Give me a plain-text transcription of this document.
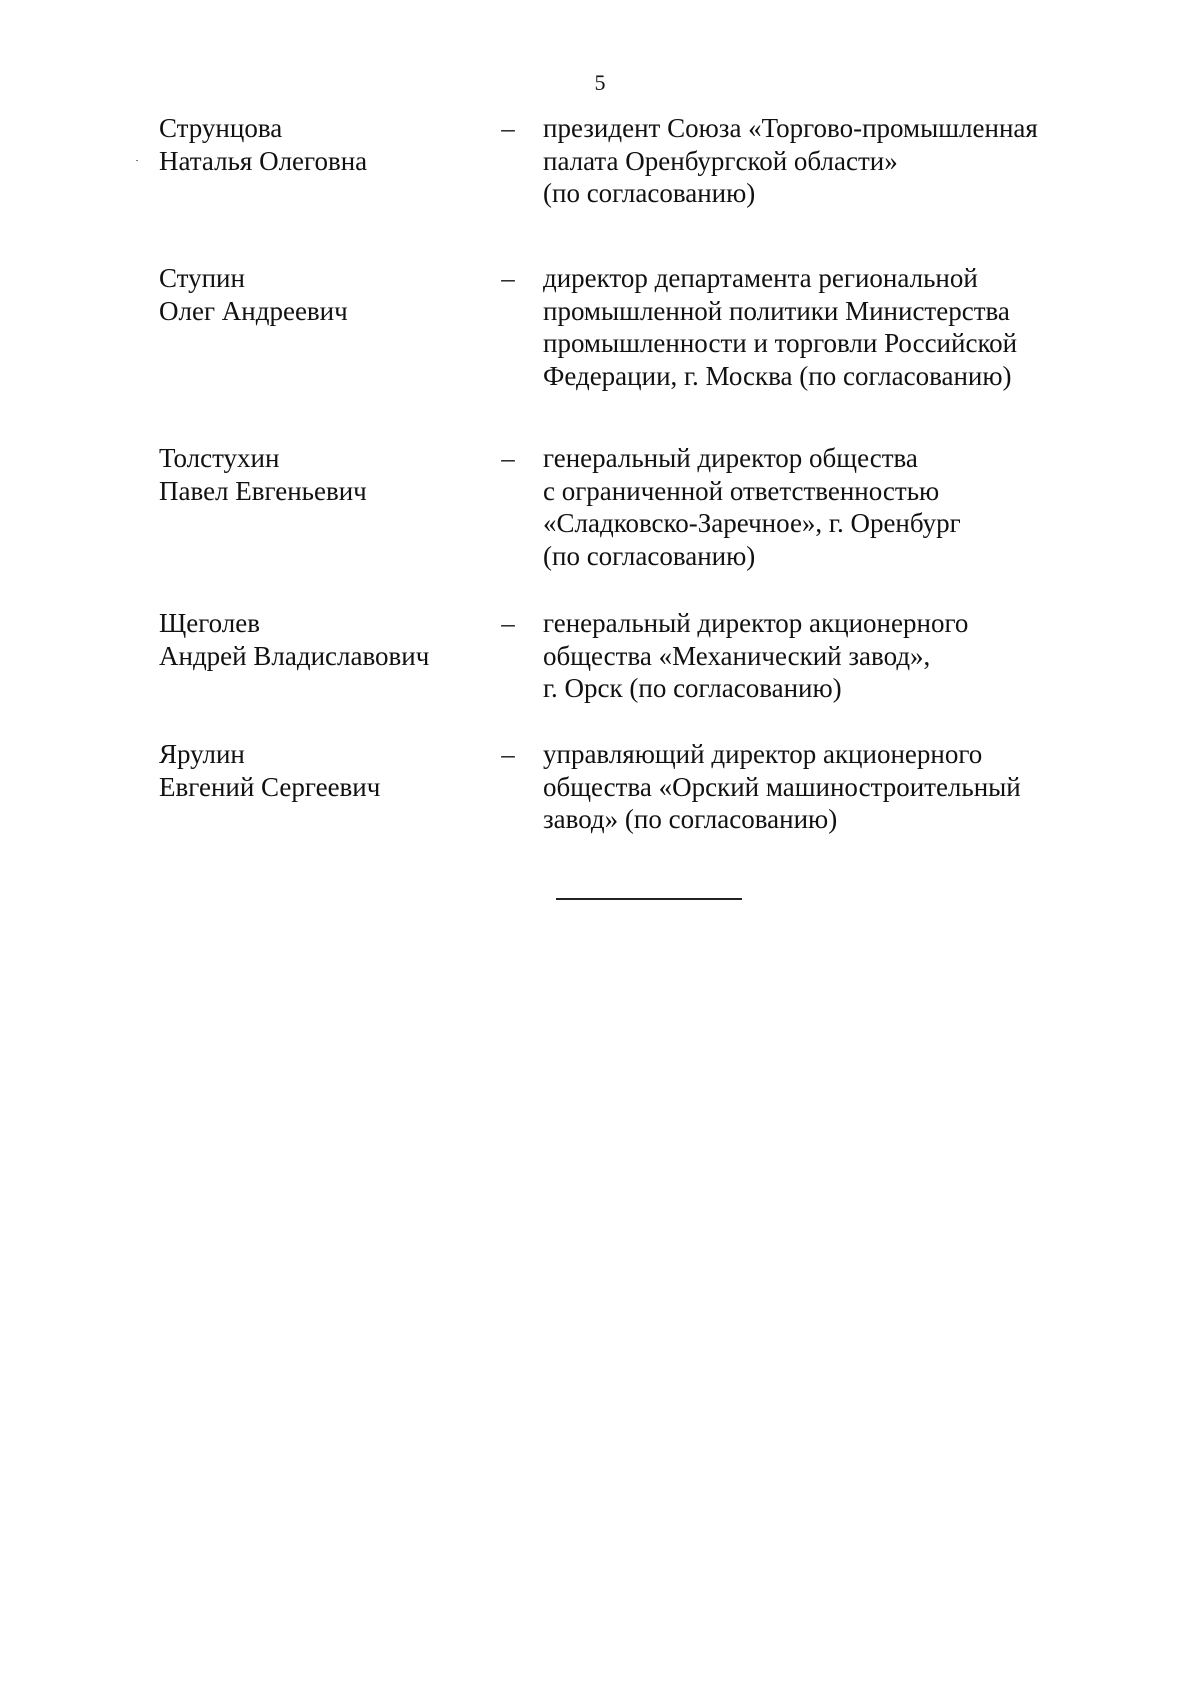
5
Струнцова
Наталья Олеговна
– президент Союза «Торгово-промышленная
палата Оренбургской области»
(по согласованию)
Ступин
Олег Андреевич
– директор департамента региональной
промышленной политики Министерства
промышленности и торговли Российской
Федерации, г. Москва (по согласованию)
Толстухин
Павел Евгеньевич
– генеральный директор общества
с ограниченной ответственностью
«Сладковско-Заречное», г. Оренбург
(по согласованию)
Щеголев
Андрей Владиславович
– генеральный директор акционерного
общества «Механический завод»,
г. Орск (по согласованию)
Ярулин
Евгений Сергеевич
– управляющий директор акционерного
общества «Орский машиностроительный
завод» (по согласованию)
